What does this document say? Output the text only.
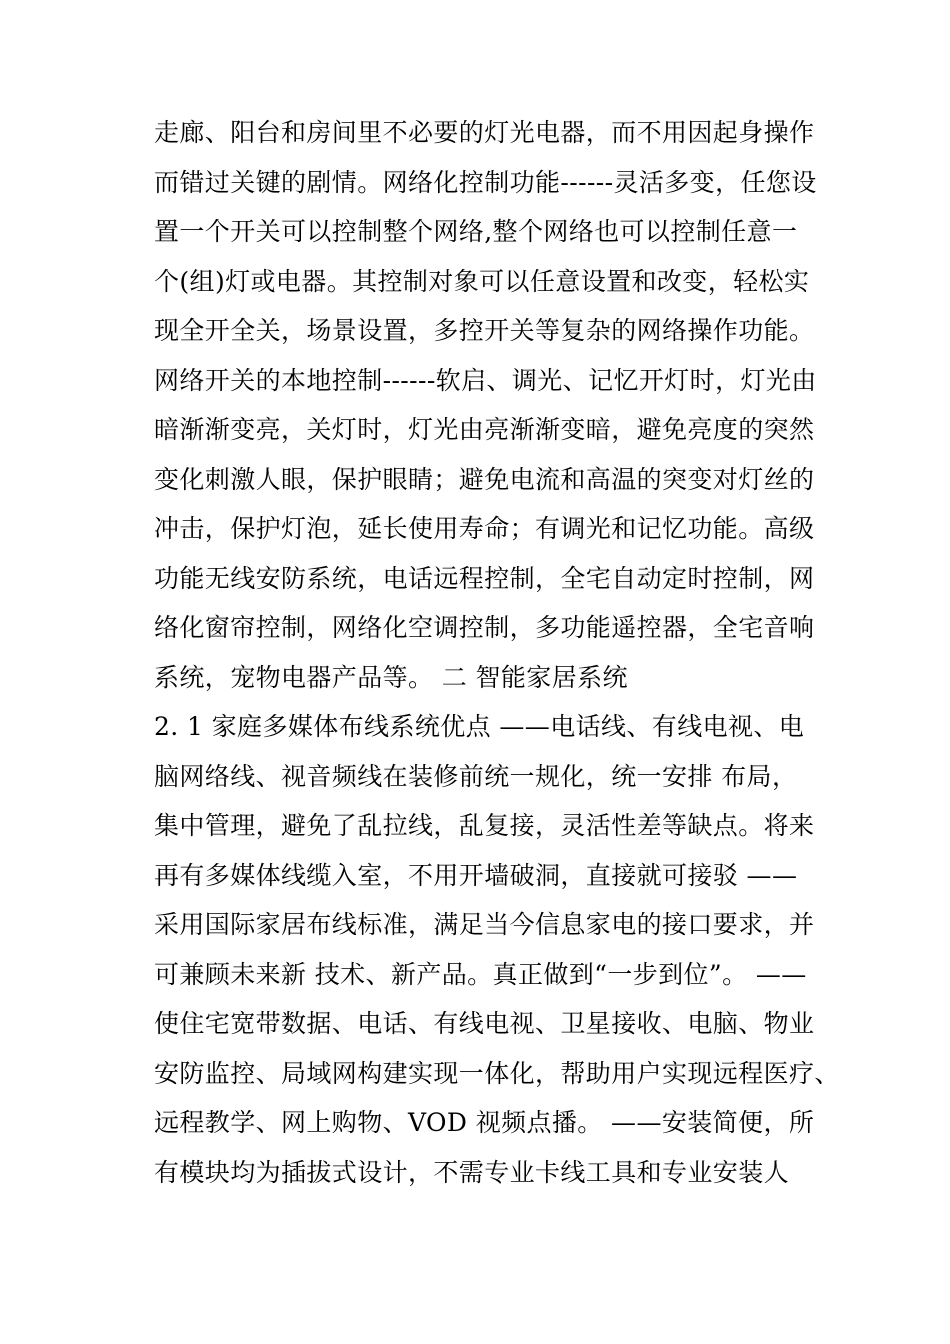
走廊、阳台和房间里不必要的灯光电器，而不用因起身操作
而错过关键的剧情。网络化控制功能------灵活多变，任您设
置一个开关可以控制整个网络,整个网络也可以控制任意一
个(组)灯或电器。其控制对象可以任意设置和改变，轻松实
现全开全关，场景设置，多控开关等复杂的网络操作功能。
网络开关的本地控制------软启、调光、记忆开灯时，灯光由
暗渐渐变亮，关灯时，灯光由亮渐渐变暗，避免亮度的突然
变化刺激人眼，保护眼睛；避免电流和高温的突变对灯丝的
冲击，保护灯泡，延长使用寿命；有调光和记忆功能。高级
功能无线安防系统，电话远程控制，全宅自动定时控制，网
络化窗帘控制，网络化空调控制，多功能遥控器，全宅音响
系统，宠物电器产品等。 二 智能家居系统
2. 1 家庭多媒体布线系统优点 ——电话线、有线电视、电
脑网络线、视音频线在装修前统一规化，统一安排 布局，
集中管理，避免了乱拉线，乱复接，灵活性差等缺点。将来
再有多媒体线缆入室，不用开墙破洞，直接就可接驳 ——
采用国际家居布线标准，满足当今信息家电的接口要求，并
可兼顾未来新 技术、新产品。真正做到“一步到位”。 ——
使住宅宽带数据、电话、有线电视、卫星接收、电脑、物业
安防监控、局域网构建实现一体化，帮助用户实现远程医疗、
远程教学、网上购物、VOD 视频点播。 ——安装简便，所
有模块均为插拔式设计，不需专业卡线工具和专业安装人
